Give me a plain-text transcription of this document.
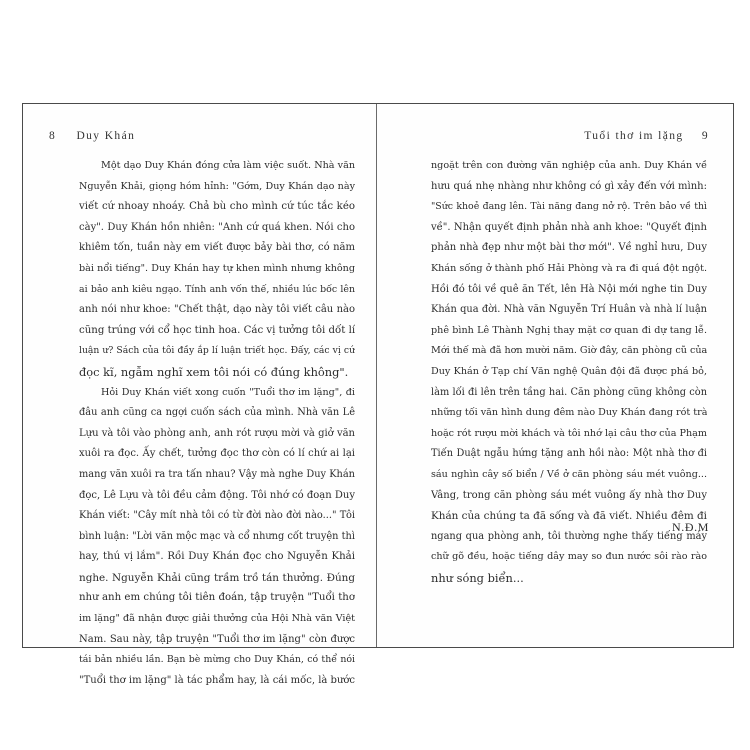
8 Duy Khán
Một dạo Duy Khán đóng cửa làm việc suốt. Nhà văn
Nguyễn Khải, giọng hóm hỉnh: "Gớm, Duy Khán dạo này
viết cứ nhoay nhoáy. Chả bù cho mình cứ túc tắc kéo
cày". Duy Khán hồn nhiên: "Anh cứ quá khen. Nói cho
khiêm tốn, tuần này em viết được bảy bài thơ, có năm
bài nổi tiếng". Duy Khán hay tự khen mình nhưng không
ai bảo anh kiêu ngạo. Tính anh vốn thế, nhiều lúc bốc lên
anh nói như khoe: "Chết thật, dạo này tôi viết câu nào
cũng trúng với cổ học tinh hoa. Các vị tưởng tôi dốt lí
luận ư? Sách của tôi đầy ắp lí luận triết học. Đấy, các vị cứ
đọc kĩ, ngẫm nghĩ xem tôi nói có đúng không".
Hỏi Duy Khán viết xong cuốn "Tuổi thơ im lặng", đi
đâu anh cũng ca ngợi cuốn sách của mình. Nhà văn Lê
Lựu và tôi vào phòng anh, anh rót rượu mời và giở văn
xuôi ra đọc. Ấy chết, tưởng đọc thơ còn có lí chứ ai lại
mang văn xuôi ra tra tấn nhau? Vậy mà nghe Duy Khán
đọc, Lê Lựu và tôi đều cảm động. Tôi nhớ có đoạn Duy
Khán viết: "Cây mít nhà tôi có từ đời nào đời nào..." Tôi
bình luận: "Lời văn mộc mạc và cổ nhưng cốt truyện thì
hay, thú vị lắm". Rồi Duy Khán đọc cho Nguyễn Khải
nghe. Nguyễn Khải cũng trầm trồ tán thưởng. Đúng
như anh em chúng tôi tiên đoán, tập truyện "Tuổi thơ
im lặng" đã nhận được giải thưởng của Hội Nhà văn Việt
Nam. Sau này, tập truyện "Tuổi thơ im lặng" còn được
tái bản nhiều lần. Bạn bè mừng cho Duy Khán, có thể nói
"Tuổi thơ im lặng" là tác phẩm hay, là cái mốc, là bước
Tuổi thơ im lặng 9
ngoặt trên con đường văn nghiệp của anh. Duy Khán về
hưu quá nhẹ nhàng như không có gì xảy đến với mình:
"Sức khoẻ đang lên. Tài năng đang nở rộ. Trên bảo về thì
về". Nhận quyết định phản nhà anh khoe: "Quyết định
phản nhà đẹp như một bài thơ mới". Về nghỉ hưu, Duy
Khán sống ở thành phố Hải Phòng và ra đi quá đột ngột.
Hồi đó tôi về quê ăn Tết, lên Hà Nội mới nghe tin Duy
Khán qua đời. Nhà văn Nguyễn Trí Huân và nhà lí luận
phê bình Lê Thành Nghị thay mặt cơ quan đi dự tang lễ.
Mới thế mà đã hơn mười năm. Giờ đây, căn phòng cũ của
Duy Khán ở Tạp chí Văn nghệ Quân đội đã được phá bỏ,
làm lối đi lên trên tầng hai. Căn phòng cũng không còn
những tối văn hình dung đêm nào Duy Khán đang rót trà
hoặc rót rượu mời khách và tôi nhớ lại câu thơ của Phạm
Tiến Duật ngẫu hứng tặng anh hồi nào: Một nhà thơ đi
sáu nghìn cây số biển / Về ở căn phòng sáu mét vuông...
Vâng, trong căn phòng sáu mét vuông ấy nhà thơ Duy
Khán của chúng ta đã sống và đã viết. Nhiều đêm đi
ngang qua phòng anh, tôi thường nghe thấy tiếng máy
chữ gõ đều, hoặc tiếng dây may so đun nước sôi rào rào
như sóng biển...
N.Đ.M
